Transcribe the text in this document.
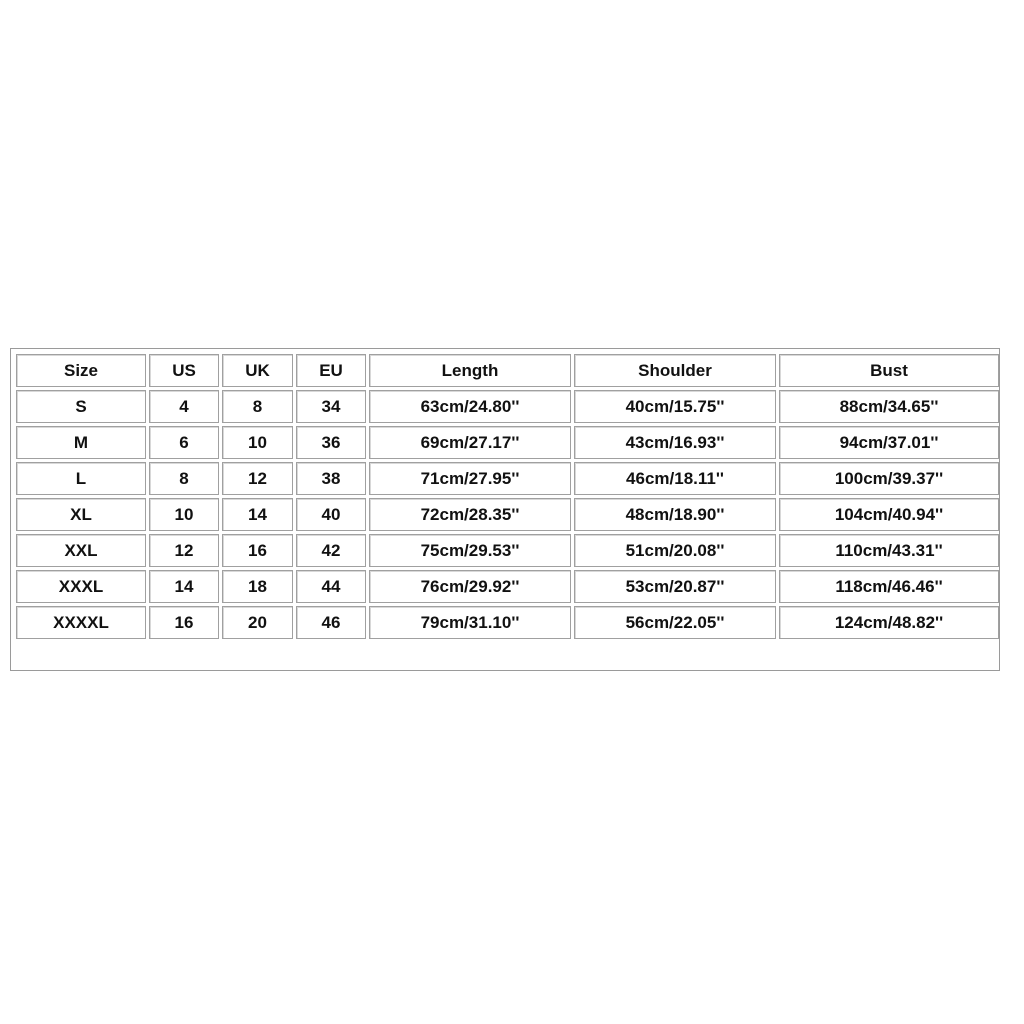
Size	US	UK	EU	Length	Shoulder	Bust
S	4	8	34	63cm/24.80''	40cm/15.75''	88cm/34.65''
M	6	10	36	69cm/27.17''	43cm/16.93''	94cm/37.01''
L	8	12	38	71cm/27.95''	46cm/18.11''	100cm/39.37''
XL	10	14	40	72cm/28.35''	48cm/18.90''	104cm/40.94''
XXL	12	16	42	75cm/29.53''	51cm/20.08''	110cm/43.31''
XXXL	14	18	44	76cm/29.92''	53cm/20.87''	118cm/46.46''
XXXXL	16	20	46	79cm/31.10''	56cm/22.05''	124cm/48.82''
